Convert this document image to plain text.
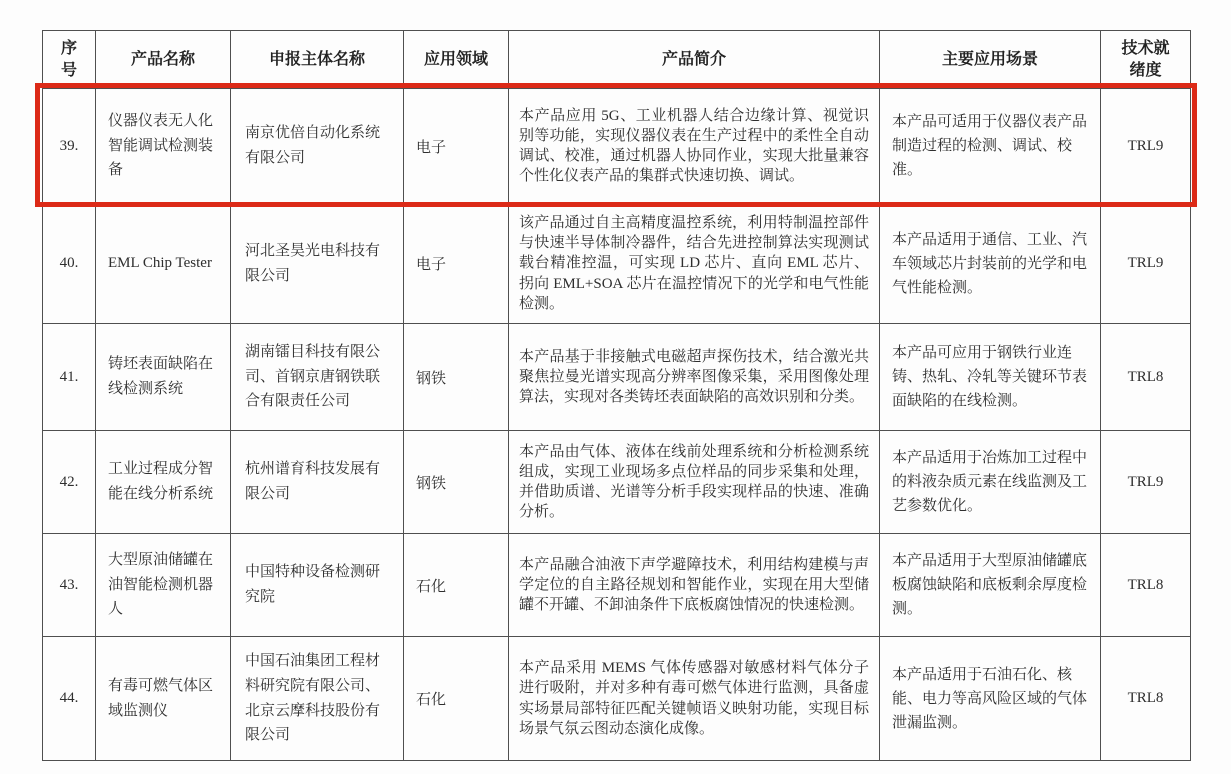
序号	产品名称	申报主体名称	应用领域	产品简介	主要应用场景	技术就绪度
39.	仪器仪表无人化智能调试检测装备	南京优倍自动化系统有限公司	电子	本产品应用 5G、工业机器人结合边缘计算、视觉识别等功能，实现仪器仪表在生产过程中的柔性全自动调试、校准，通过机器人协同作业，实现大批量兼容个性化仪表产品的集群式快速切换、调试。	本产品可适用于仪器仪表产品制造过程的检测、调试、校准。	TRL9
40.	EML Chip Tester	河北圣昊光电科技有限公司	电子	该产品通过自主高精度温控系统，利用特制温控部件与快速半导体制冷器件，结合先进控制算法实现测试载台精准控温，可实现 LD 芯片、直向 EML 芯片、拐向 EML+SOA 芯片在温控情况下的光学和电气性能检测。	本产品适用于通信、工业、汽车领域芯片封装前的光学和电气性能检测。	TRL9
41.	铸坯表面缺陷在线检测系统	湖南镭目科技有限公司、首钢京唐钢铁联合有限责任公司	钢铁	本产品基于非接触式电磁超声探伤技术，结合激光共聚焦拉曼光谱实现高分辨率图像采集，采用图像处理算法，实现对各类铸坯表面缺陷的高效识别和分类。	本产品可应用于钢铁行业连铸、热轧、冷轧等关键环节表面缺陷的在线检测。	TRL8
42.	工业过程成分智能在线分析系统	杭州谱育科技发展有限公司	钢铁	本产品由气体、液体在线前处理系统和分析检测系统组成，实现工业现场多点位样品的同步采集和处理，并借助质谱、光谱等分析手段实现样品的快速、准确分析。	本产品适用于冶炼加工过程中的料液杂质元素在线监测及工艺参数优化。	TRL9
43.	大型原油储罐在油智能检测机器人	中国特种设备检测研究院	石化	本产品融合油液下声学避障技术，利用结构建模与声学定位的自主路径规划和智能作业，实现在用大型储罐不开罐、不卸油条件下底板腐蚀情况的快速检测。	本产品适用于大型原油储罐底板腐蚀缺陷和底板剩余厚度检测。	TRL8
44.	有毒可燃气体区域监测仪	中国石油集团工程材料研究院有限公司、北京云摩科技股份有限公司	石化	本产品采用 MEMS 气体传感器对敏感材料气体分子进行吸附，并对多种有毒可燃气体进行监测，具备虚实场景局部特征匹配关键帧语义映射功能，实现目标场景气氛云图动态演化成像。	本产品适用于石油石化、核能、电力等高风险区域的气体泄漏监测。	TRL8
